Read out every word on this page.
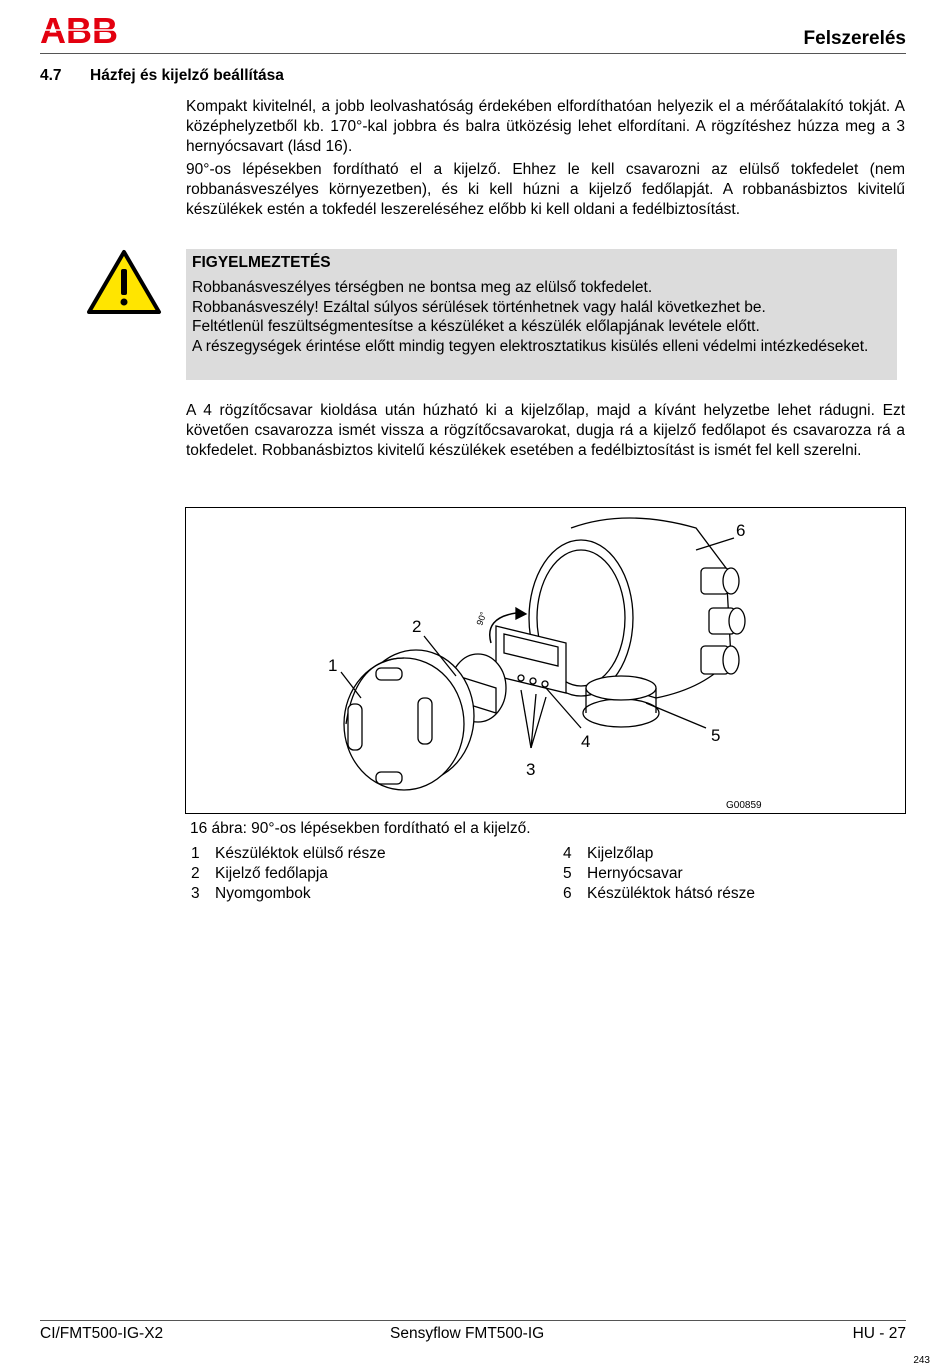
ABB	Felszerelés
4.7 Házfej és kijelző beállítása

Kompakt kivitelnél, a jobb leolvashatóság érdekében elfordíthatóan helyezik el a mérőátalakító tokját. A középhelyzetből kb. 170°-kal jobbra és balra ütközésig lehet elfordítani. A rögzítéshez húzza meg a 3 hernyócsavart (lásd 16).

90°-os lépésekben fordítható el a kijelző. Ehhez le kell csavarozni az elülső tokfedelet (nem robbanásveszélyes környezetben), és ki kell húzni a kijelző fedőlapját. A robbanásbiztos kivitelű készülékek estén a tokfedél leszereléséhez előbb ki kell oldani a fedélbiztosítást.

FIGYELMEZTETÉS

Robbanásveszélyes térségben ne bontsa meg az elülső tokfedelet.

Robbanásveszély! Ezáltal súlyos sérülések történhetnek vagy halál következhet be.

Feltétlenül feszültségmentesítse a készüléket a készülék előlapjának levétele előtt.

A részegységek érintése előtt mindig tegyen elektrosztatikus kisülés elleni védelmi intézkedéseket.

A 4 rögzítőcsavar kioldása után húzható ki a kijelzőlap, majd a kívánt helyzetbe lehet rádugni. Ezt követően csavarozza ismét vissza a rögzítőcsavarokat, dugja rá a kijelző fedőlapot és csavarozza rá a tokfedelet. Robbanásbiztos kivitelű készülékek esetében a fedélbiztosítást is ismét fel kell szerelni.

1
2
3
4	5
6
90°
G00859
16 ábra: 90°-os lépésekben fordítható el a kijelző.
1 Készüléktok elülső része
2 Kijelző fedőlapja
3 Nyomgombok
4 Kijelzőlap
5 Hernyócsavar
6 Készüléktok hátsó része
CI/FMT500-IG-X2	Sensyflow FMT500-IG	HU - 27
243
